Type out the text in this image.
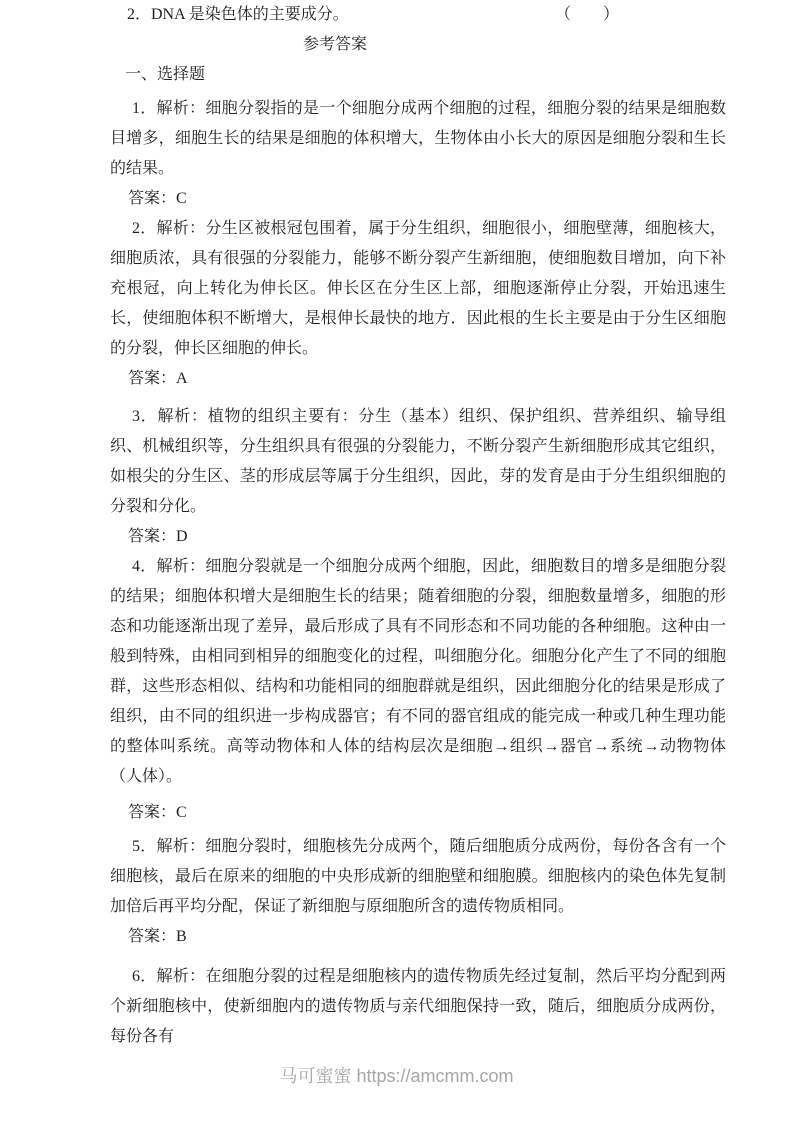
2．DNA 是染色体的主要成分。	（　　）

参考答案

一、选择题

1．解析：细胞分裂指的是一个细胞分成两个细胞的过程，细胞分裂的结果是细胞数目增多，细胞生长的结果是细胞的体积增大，生物体由小长大的原因是细胞分裂和生长的结果。

答案：C

2．解析：分生区被根冠包围着，属于分生组织，细胞很小，细胞壁薄，细胞核大，细胞质浓，具有很强的分裂能力，能够不断分裂产生新细胞，使细胞数目增加，向下补充根冠，向上转化为伸长区。伸长区在分生区上部，细胞逐渐停止分裂，开始迅速生长，使细胞体积不断增大，是根伸长最快的地方．因此根的生长主要是由于分生区细胞的分裂，伸长区细胞的伸长。

答案：A

3．解析：植物的组织主要有：分生（基本）组织、保护组织、营养组织、输导组织、机械组织等，分生组织具有很强的分裂能力，不断分裂产生新细胞形成其它组织，如根尖的分生区、茎的形成层等属于分生组织，因此，芽的发育是由于分生组织细胞的分裂和分化。

答案：D

4．解析：细胞分裂就是一个细胞分成两个细胞，因此，细胞数目的增多是细胞分裂的结果；细胞体积增大是细胞生长的结果；随着细胞的分裂，细胞数量增多，细胞的形态和功能逐渐出现了差异，最后形成了具有不同形态和不同功能的各种细胞。这种由一般到特殊，由相同到相异的细胞变化的过程，叫细胞分化。细胞分化产生了不同的细胞群，这些形态相似、结构和功能相同的细胞群就是组织，因此细胞分化的结果是形成了组织，由不同的组织进一步构成器官；有不同的器官组成的能完成一种或几种生理功能的整体叫系统。高等动物体和人体的结构层次是细胞→组织→器官→系统→动物物体（人体）。

答案：C

5．解析：细胞分裂时，细胞核先分成两个，随后细胞质分成两份，每份各含有一个细胞核，最后在原来的细胞的中央形成新的细胞壁和细胞膜。细胞核内的染色体先复制加倍后再平均分配，保证了新细胞与原细胞所含的遗传物质相同。

答案：B

6．解析：在细胞分裂的过程是细胞核内的遗传物质先经过复制，然后平均分配到两个新细胞核中，使新细胞内的遗传物质与亲代细胞保持一致，随后，细胞质分成两份，每份各有

马可蜜蜜 https://amcmm.com
